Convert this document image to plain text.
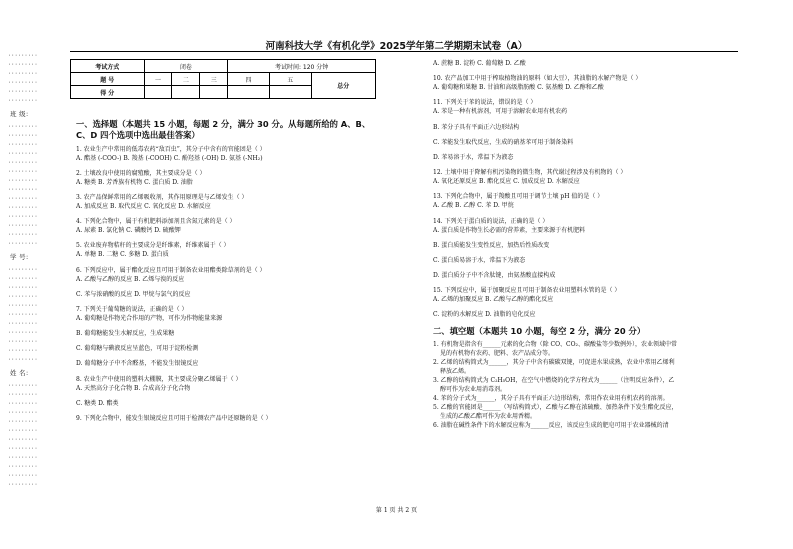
河南科技大学《有机化学》2025学年第二学期期末试卷（A）
·········
·········
·········
·········
·········
·········
班 级:
·········
·········
·········
·········
·········
·········
·········
·········
·········
·········
·········
·········
·········
·········
学 号:
·········
·········
·········
·········
·········
·········
·········
·········
·········
·········
·········
姓 名:
·········
·········
·········
·········
·········
·········
·········
·········
·········
·········
·········
·········
考试方式	闭卷			考试时间: 120 分钟		
题 号	一	二	三	四	五	总分
得 分						
一、选择题（本题共 15 小题，每题 2 分，满分 30 分。从每题所给的 A、B、C、D 四个选项中选出最佳答案）
1. 农业生产中常用的低毒农药“敌百虫”，其分子中含有的官能团是（ ）
A. 酯基 (-COO-) B. 羧基 (-COOH) C. 酚羟基 (-OH) D. 氨基 (-NH₂)
2. 土壤改良中使用的腐殖酸，其主要成分是（ ）
A. 糖类 B. 芳香族有机物 C. 蛋白质 D. 油脂
3. 农产品保鲜常用的乙烯吸收剂，其作用原理是与乙烯发生（ ）
A. 加成反应 B. 取代反应 C. 氧化反应 D. 水解反应
4. 下列化合物中，属于有机肥料添加剂且含氮元素的是（ ）
A. 尿素 B. 氯化钠 C. 磷酸钙 D. 硫酸钾
5. 农业废弃物秸秆的主要成分是纤维素，纤维素属于（ ）
A. 单糖 B. 二糖 C. 多糖 D. 蛋白质
6. 下列反应中，属于酯化反应且可用于制备农业用酯类除草剂的是（ ）
A. 乙酸与乙醇的反应 B. 乙烯与溴的反应
C. 苯与浓硝酸的反应 D. 甲烷与氯气的反应
7. 下列关于葡萄糖的说法，正确的是（ ）
A. 葡萄糖是作物光合作用的产物，可作为作物能量来源
B. 葡萄糖能发生水解反应，生成果糖
C. 葡萄糖与碘液反应呈蓝色，可用于淀粉检测
D. 葡萄糖分子中不含醛基，不能发生银镜反应
8. 农业生产中使用的塑料大棚膜，其主要成分聚乙烯属于（ ）
A. 天然高分子化合物 B. 合成高分子化合物
C. 糖类 D. 酯类
9. 下列化合物中，能发生银镜反应且可用于检测农产品中还原糖的是（ ）
A. 蔗糖 B. 淀粉 C. 葡萄糖 D. 乙酸
10. 农产品加工中用于榨取植物油的原料（如大豆），其油脂的水解产物是（ ）
A. 葡萄糖和果糖 B. 甘油和高级脂肪酸 C. 氨基酸 D. 乙醇和乙酸
11. 下列关于苯的说法，错误的是（ ）
A. 苯是一种有机溶剂，可用于溶解农业用有机农药
B. 苯分子具有平面正六边形结构
C. 苯能发生取代反应，生成的硝基苯可用于制备染料
D. 苯易溶于水，常温下为液态
12. 土壤中用于降解有机污染物的微生物，其代谢过程涉及有机物的（ ）
A. 氧化还原反应 B. 酯化反应 C. 加成反应 D. 水解反应
13. 下列化合物中，属于羧酸且可用于调节土壤 pH 值的是（ ）
A. 乙酸 B. 乙醇 C. 苯 D. 甲烷
14. 下列关于蛋白质的说法，正确的是（ ）
A. 蛋白质是作物生长必需的营养素，主要来源于有机肥料
B. 蛋白质能发生变性反应，加热后性质改变
C. 蛋白质易溶于水，常温下为液态
D. 蛋白质分子中不含肽键，由氨基酸直接构成
15. 下列反应中，属于加聚反应且可用于制备农业用塑料水管的是（ ）
A. 乙烯的加聚反应 B. 乙酸与乙醇的酯化反应
C. 淀粉的水解反应 D. 油脂的皂化反应
二、填空题（本题共 10 小题，每空 2 分，满分 20 分）
1. 有机物是指含有______元素的化合物（除 CO、CO₂、碳酸盐等少数例外），农业领域中常
见的有机物有农药、肥料、农产品成分等。
2. 乙烯的结构简式为______，其分子中含有碳碳双键，可促进水果成熟，农业中常用乙烯利
释放乙烯。
3. 乙醇的结构简式为 C₂H₅OH，在空气中燃烧的化学方程式为______（注明反应条件），乙
醇可作为农业用消毒剂。
4. 苯的分子式为______，其分子具有平面正六边形结构，常用作农业用有机农药的溶剂。
5. 乙酸的官能团是______（写结构简式），乙酸与乙醇在浓硫酸、加热条件下发生酯化反应，
生成的乙酸乙酯可作为农业用香精。
6. 油脂在碱性条件下的水解反应称为______反应，该反应生成的肥皂可用于农业器械的清
第 1 页 共 2 页
